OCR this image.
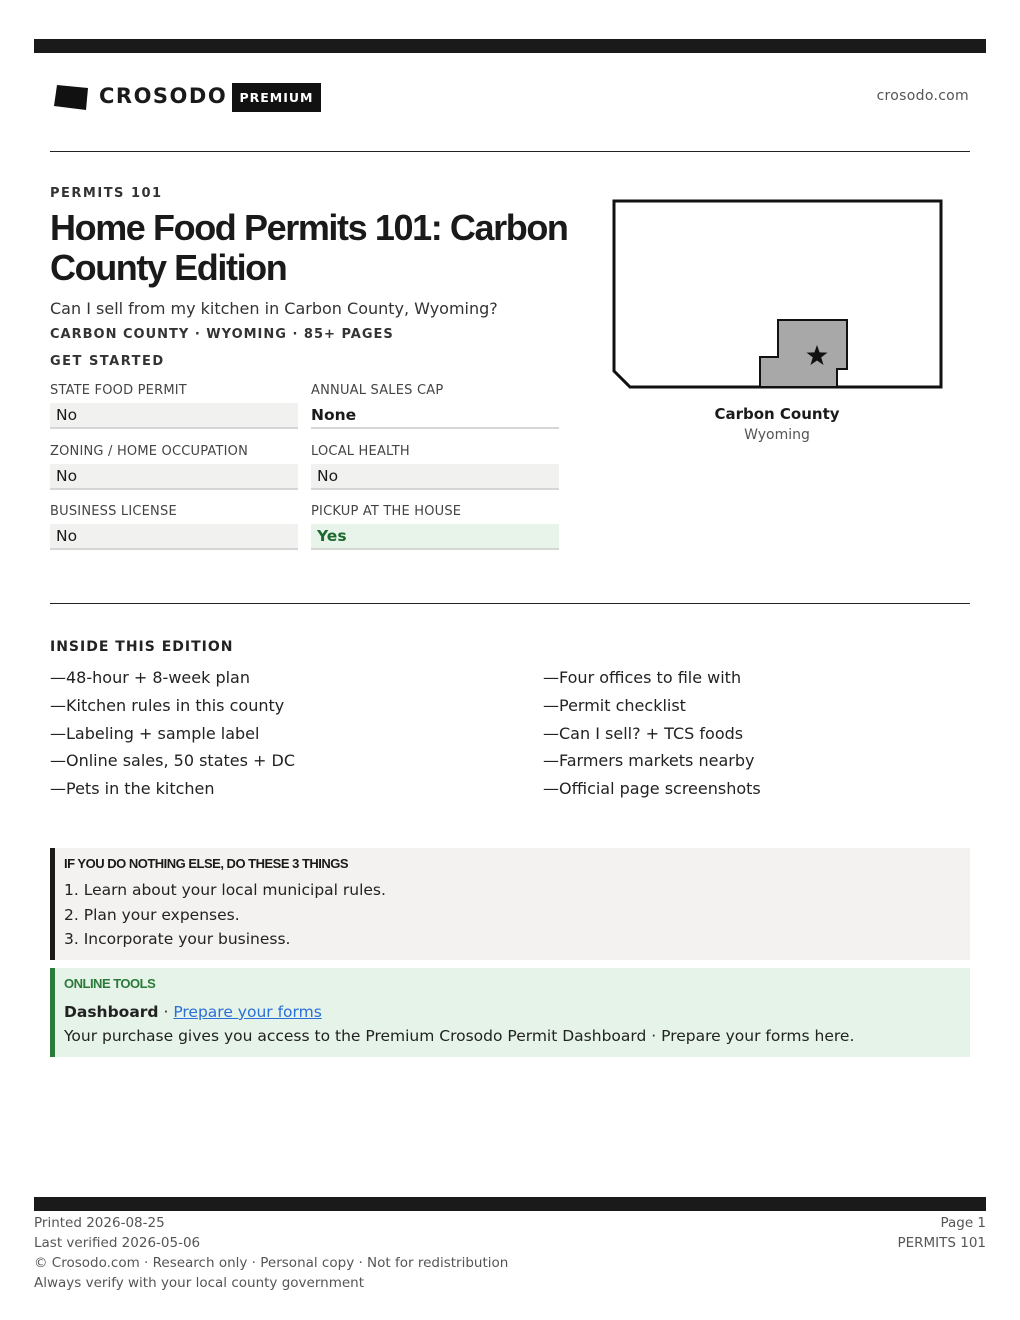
CROSODO PREMIUM	crosodo.com
PERMITS 101
Home Food Permits 101: Carbon County Edition
Can I sell from my kitchen in Carbon County, Wyoming?
CARBON COUNTY · WYOMING · 85+ PAGES
GET STARTED
STATE FOOD PERMIT
No
ANNUAL SALES CAP
None
ZONING / HOME OCCUPATION
No
LOCAL HEALTH
No
BUSINESS LICENSE
No
PICKUP AT THE HOUSE
Yes
Carbon County
Wyoming
INSIDE THIS EDITION
—48-hour + 8-week plan
—Kitchen rules in this county
—Labeling + sample label
—Online sales, 50 states + DC
—Pets in the kitchen
—Four offices to file with
—Permit checklist
—Can I sell? + TCS foods
—Farmers markets nearby
—Official page screenshots
IF YOU DO NOTHING ELSE, DO THESE 3 THINGS
1. Learn about your local municipal rules.
2. Plan your expenses.
3. Incorporate your business.
ONLINE TOOLS
Dashboard · Prepare your forms
Your purchase gives you access to the Premium Crosodo Permit Dashboard · Prepare your forms here.
Printed 2026-08-25
Last verified 2026-05-06
© Crosodo.com · Research only · Personal copy · Not for redistribution
Always verify with your local county government
Page 1
PERMITS 101
